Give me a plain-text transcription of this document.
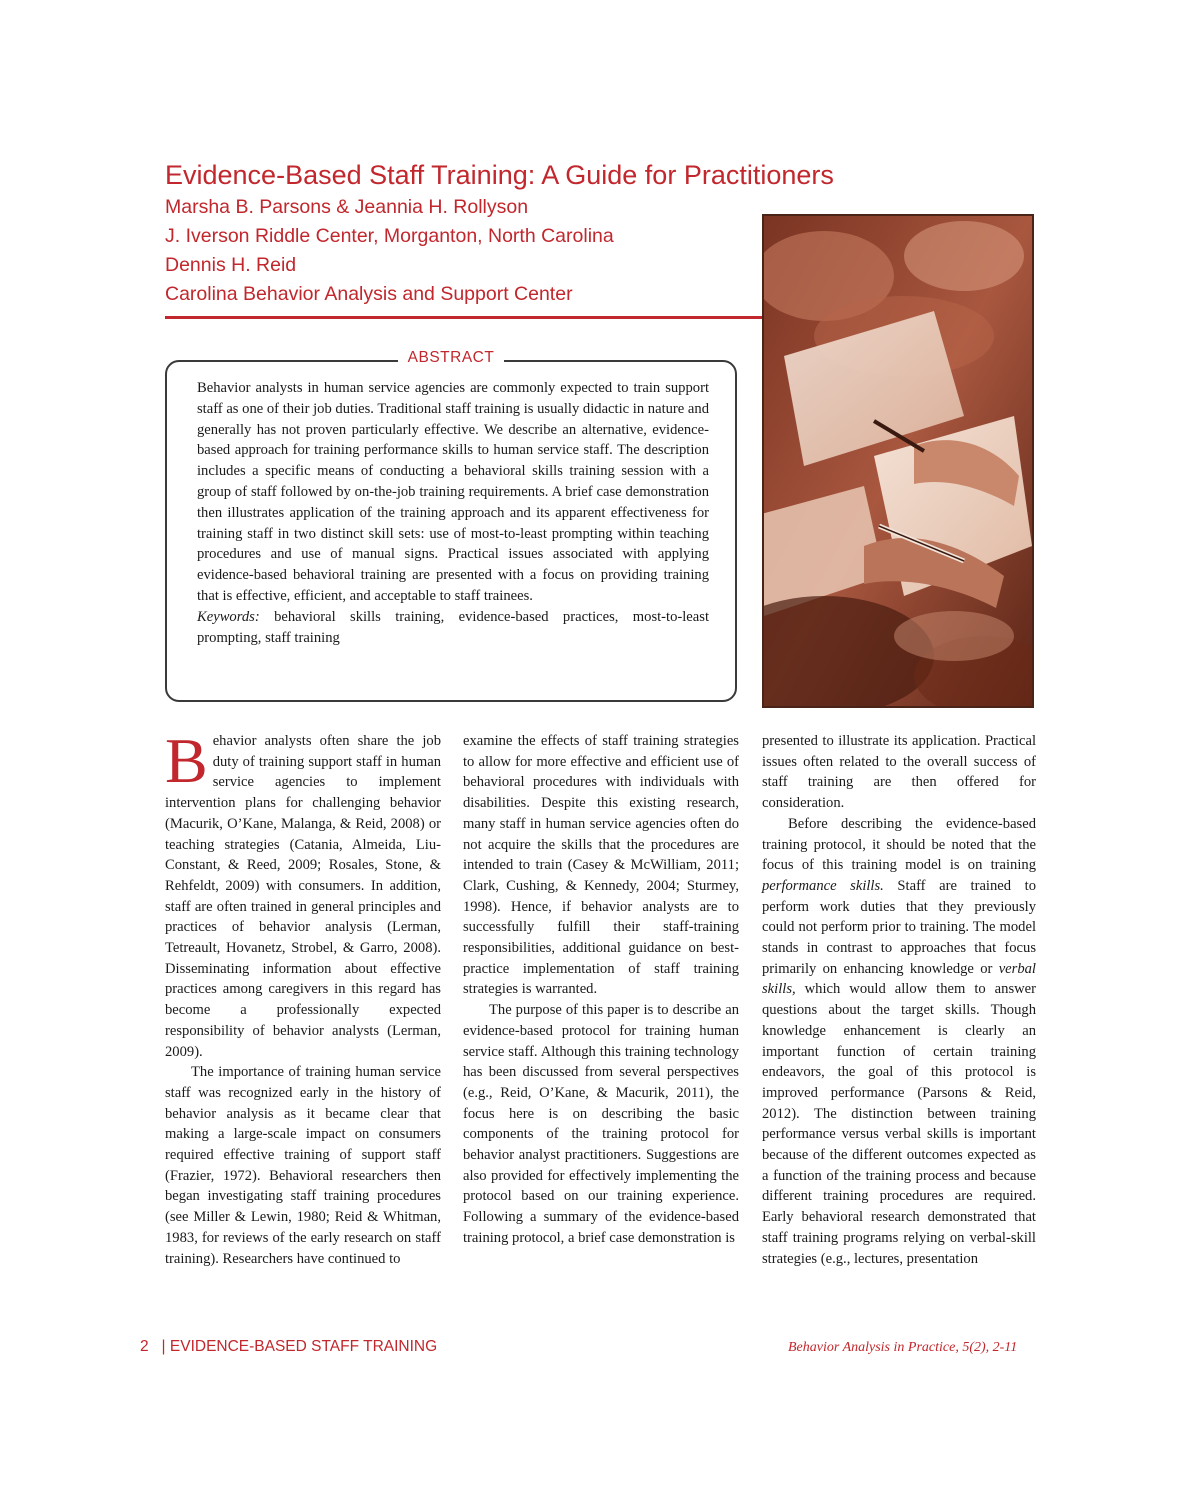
Evidence-Based Staff Training: A Guide for Practitioners
Marsha B. Parsons & Jeannia H. Rollyson
J. Iverson Riddle Center, Morganton, North Carolina
Dennis H. Reid
Carolina Behavior Analysis and Support Center
ABSTRACT

Behavior analysts in human service agencies are commonly expected to train support staff as one of their job duties. Traditional staff training is usually didactic in nature and generally has not proven particularly effective. We describe an alternative, evidence-based approach for training performance skills to human service staff. The description includes a specific means of conducting a behavioral skills training session with a group of staff followed by on-the-job training requirements. A brief case demonstration then illustrates application of the training approach and its apparent effectiveness for training staff in two distinct skill sets: use of most-to-least prompting within teaching procedures and use of manual signs. Practical issues associated with applying evidence-based behavioral training are presented with a focus on providing training that is effective, efficient, and acceptable to staff trainees.

Keywords: behavioral skills training, evidence-based practices, most-to-least prompting, staff training

Behavior analysts often share the job duty of training support staff in human service agencies to implement intervention plans for challenging behavior (Macurik, O’Kane, Malanga, & Reid, 2008) or teaching strategies (Catania, Almeida, Liu-Constant, & Reed, 2009; Rosales, Stone, & Rehfeldt, 2009) with consumers. In addition, staff are often trained in general principles and practices of behavior analysis (Lerman, Tetreault, Hovanetz, Strobel, & Garro, 2008). Disseminating information about effective practices among caregivers in this regard has become a professionally expected responsibility of behavior analysts (Lerman, 2009).

The importance of training human service staff was recognized early in the history of behavior analysis as it became clear that making a large-scale impact on consumers required effective training of support staff (Frazier, 1972). Behavioral researchers then began investigating staff training procedures (see Miller & Lewin, 1980; Reid & Whitman, 1983, for reviews of the early research on staff training). Researchers have continued to

examine the effects of staff training strategies to allow for more effective and efficient use of behavioral procedures with individuals with disabilities. Despite this existing research, many staff in human service agencies often do not acquire the skills that the procedures are intended to train (Casey & McWilliam, 2011; Clark, Cushing, & Kennedy, 2004; Sturmey, 1998). Hence, if behavior analysts are to successfully fulfill their staff-training responsibilities, additional guidance on best-practice implementation of staff training strategies is warranted.

The purpose of this paper is to describe an evidence-based protocol for training human service staff. Although this training technology has been discussed from several perspectives (e.g., Reid, O’Kane, & Macurik, 2011), the focus here is on describing the basic components of the training protocol for behavior analyst practitioners. Suggestions are also provided for effectively implementing the protocol based on our training experience. Following a summary of the evidence-based training protocol, a brief case demonstration is

presented to illustrate its application. Practical issues often related to the overall success of staff training are then offered for consideration.

Before describing the evidence-based training protocol, it should be noted that the focus of this training model is on training performance skills. Staff are trained to perform work duties that they previously could not perform prior to training. The model stands in contrast to approaches that focus primarily on enhancing knowledge or verbal skills, which would allow them to answer questions about the target skills. Though knowledge enhancement is clearly an important function of certain training endeavors, the goal of this protocol is improved performance (Parsons & Reid, 2012). The distinction between training performance versus verbal skills is important because of the different outcomes expected as a function of the training process and because different training procedures are required. Early behavioral research demonstrated that staff training programs relying on verbal-skill strategies (e.g., lectures, presentation

2   | EVIDENCE-BASED STAFF TRAINING	Behavior Analysis in Practice, 5(2), 2-11
